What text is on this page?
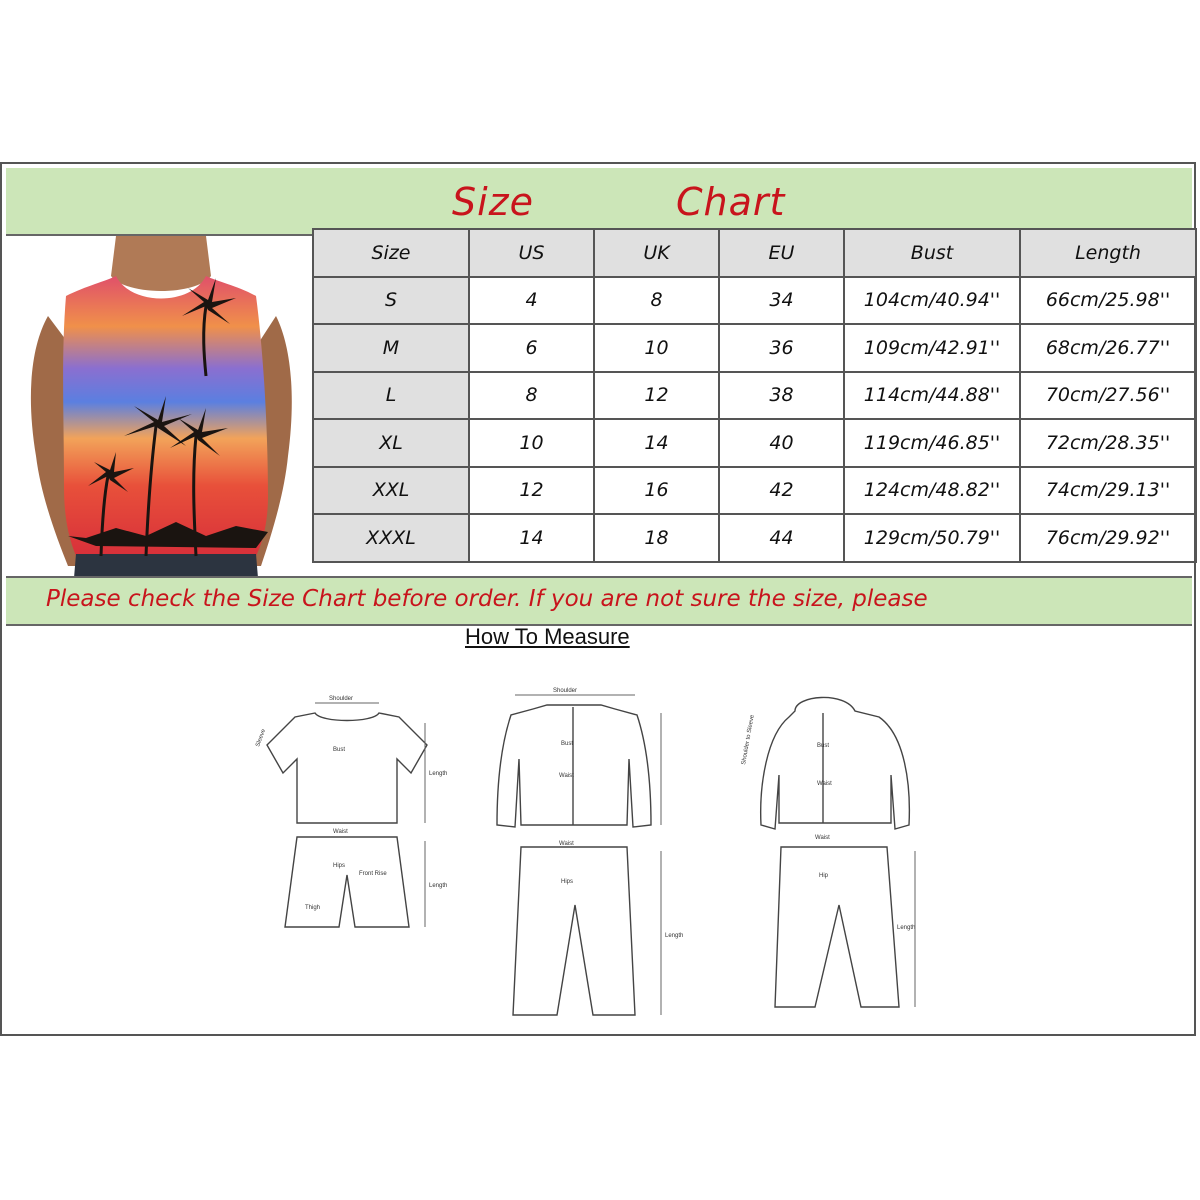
Size	Chart
Please check the Size Chart before order. If you are not sure the size, please
Size	US	UK	EU	Bust	Length
S	4	8	34	104cm/40.94''	66cm/25.98''
M	6	10	36	109cm/42.91''	68cm/26.77''
L	8	12	38	114cm/44.88''	70cm/27.56''
XL	10	14	40	119cm/46.85''	72cm/28.35''
XXL	12	16	42	124cm/48.82''	74cm/29.13''
XXXL	14	18	44	129cm/50.79''	76cm/29.92''
How To Measure
Shoulder
Bust
Length
Waist
Hips
Front Rise
Thigh
Length
Shoulder
Bust
Waist
Waist
Hips
Length
Bust
Waist
Waist
Hip
Length
Shoulder to Sleeve
Sleeve
